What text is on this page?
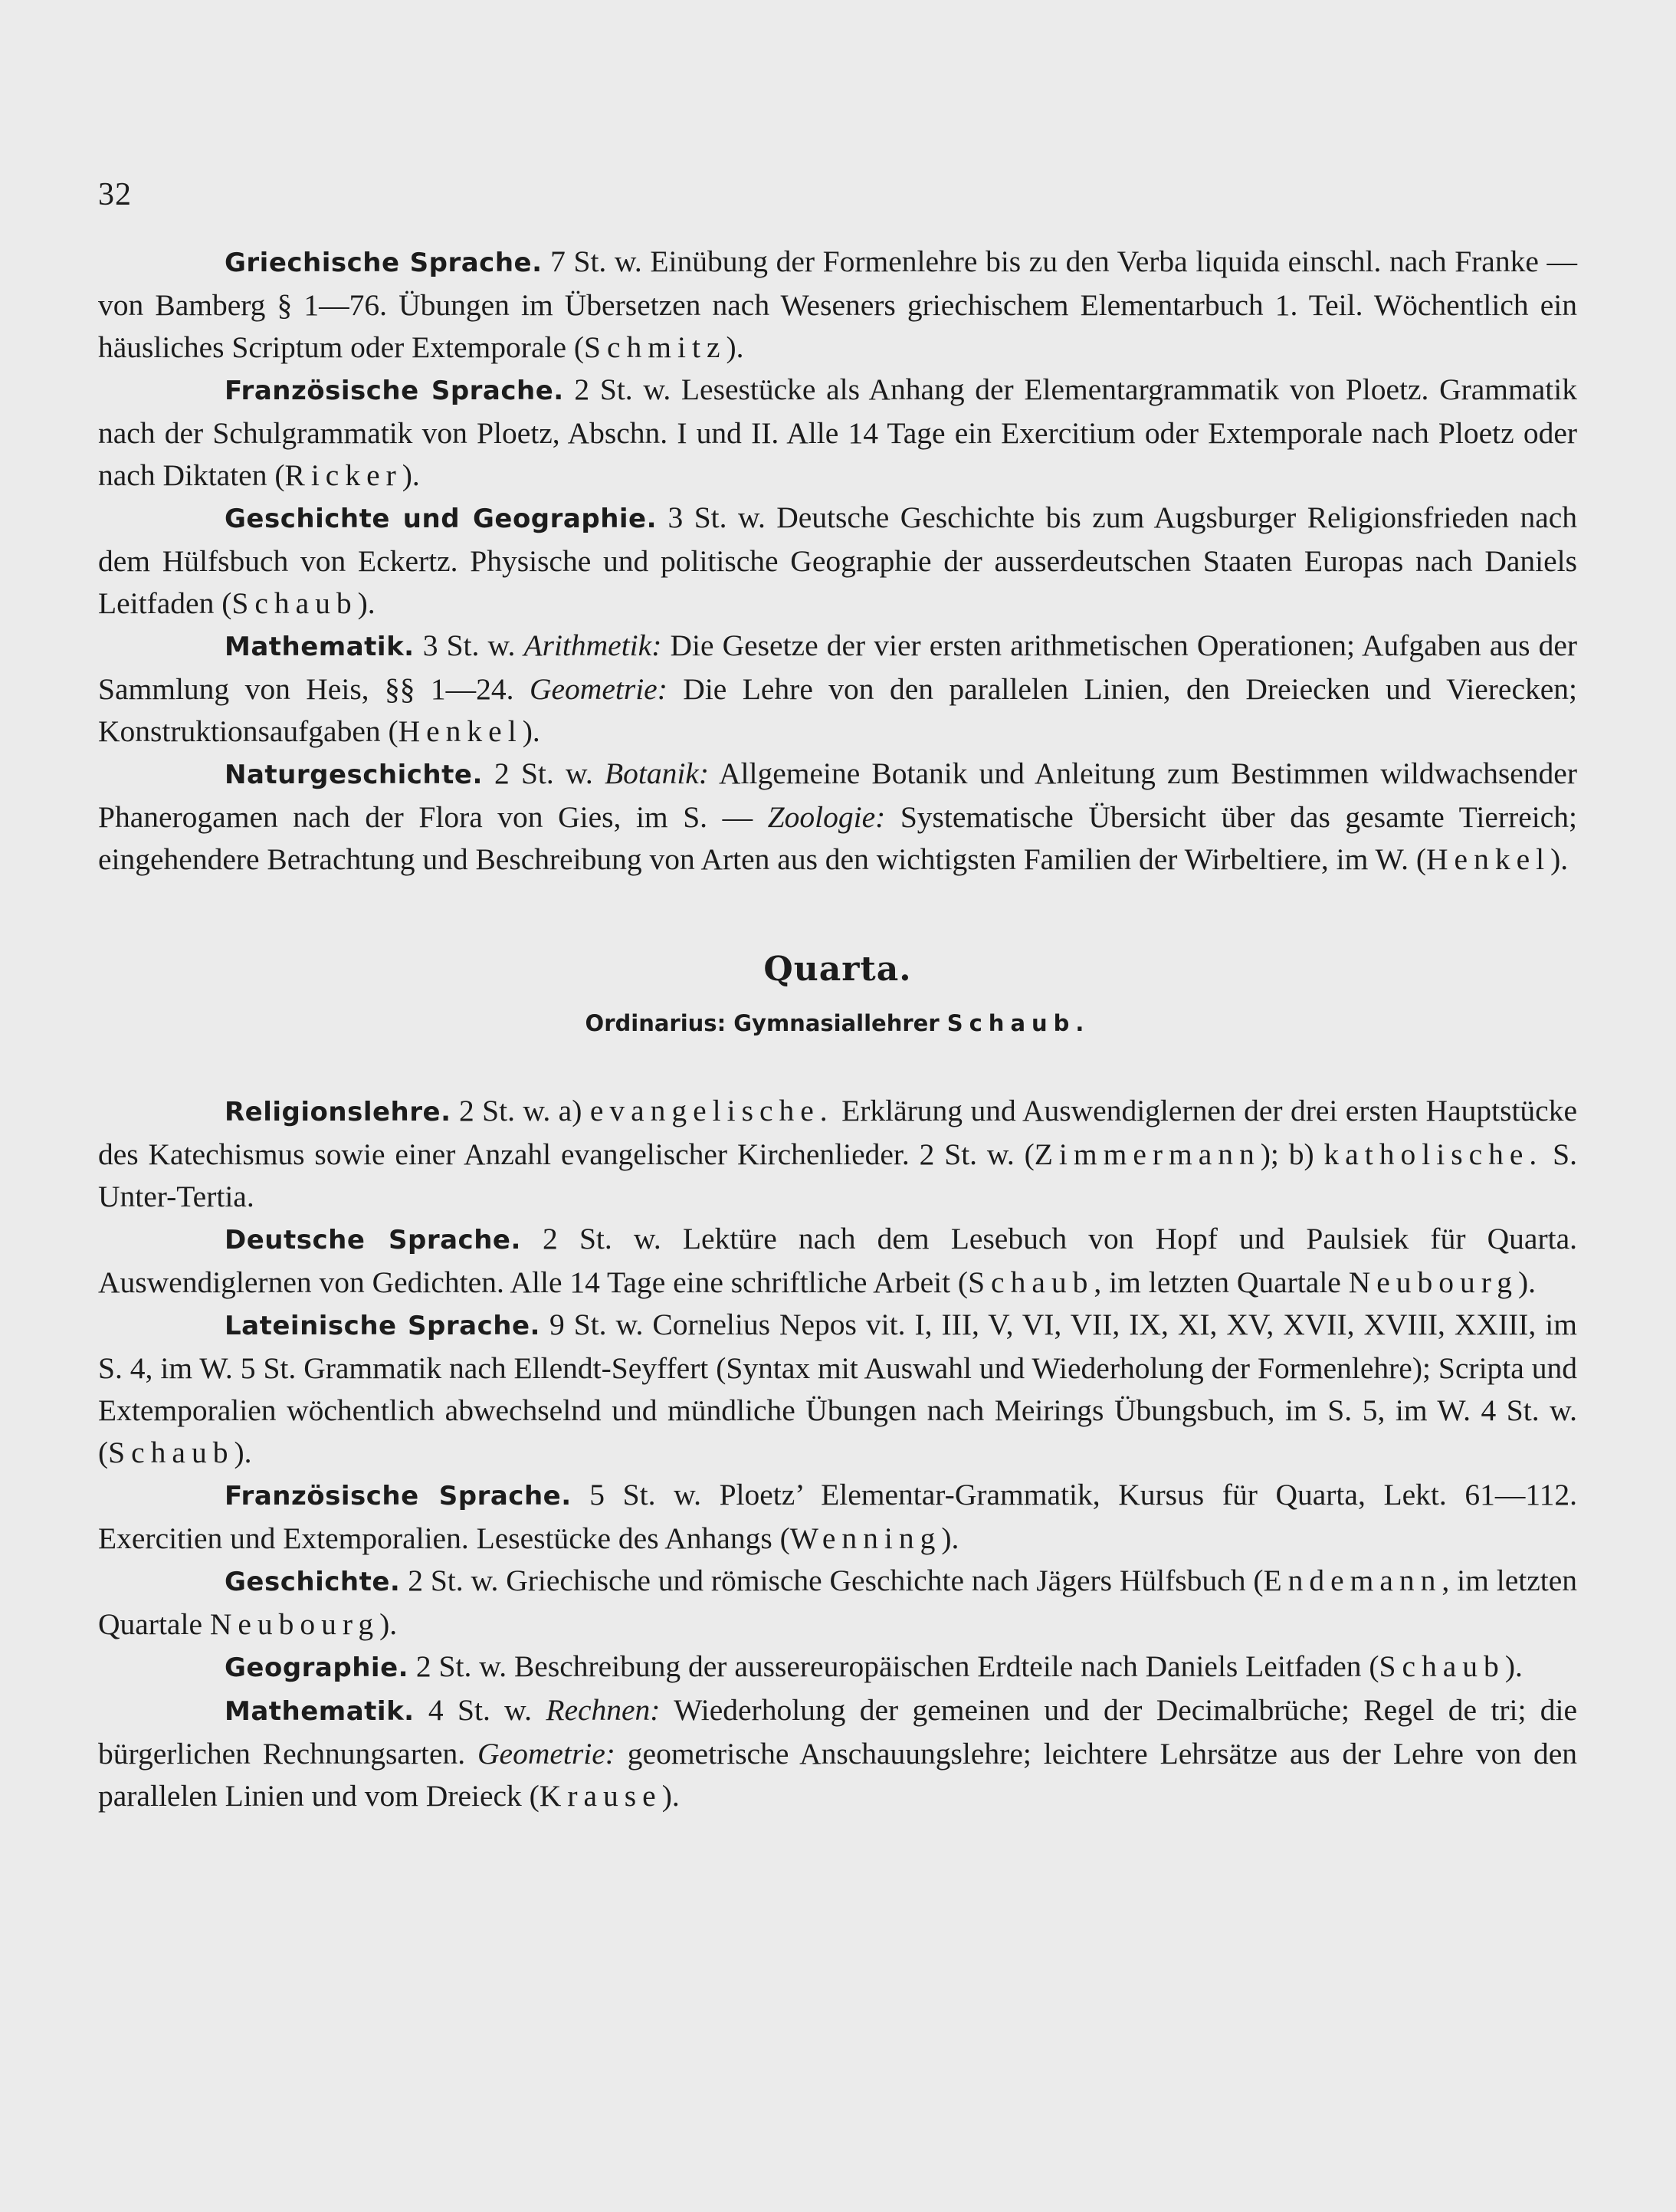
32

Griechische Sprache. 7 St. w. Einübung der Formenlehre bis zu den Verba liquida einschl. nach Franke — von Bamberg § 1—76. Übungen im Übersetzen nach Weseners griechischem Elementarbuch 1. Teil. Wöchentlich ein häusliches Scriptum oder Extemporale (Schmitz).

Französische Sprache. 2 St. w. Lesestücke als Anhang der Elementargrammatik von Ploetz. Grammatik nach der Schulgrammatik von Ploetz, Abschn. I und II. Alle 14 Tage ein Exercitium oder Extemporale nach Ploetz oder nach Diktaten (Ricker).

Geschichte und Geographie. 3 St. w. Deutsche Geschichte bis zum Augsburger Religionsfrieden nach dem Hülfsbuch von Eckertz. Physische und politische Geographie der ausserdeutschen Staaten Europas nach Daniels Leitfaden (Schaub).

Mathematik. 3 St. w. Arithmetik: Die Gesetze der vier ersten arithmetischen Operationen; Aufgaben aus der Sammlung von Heis, §§ 1—24. Geometrie: Die Lehre von den parallelen Linien, den Dreiecken und Vierecken; Konstruktionsaufgaben (Henkel).

Naturgeschichte. 2 St. w. Botanik: Allgemeine Botanik und Anleitung zum Bestimmen wildwachsender Phanerogamen nach der Flora von Gies, im S. — Zoologie: Systematische Übersicht über das gesamte Tierreich; eingehendere Betrachtung und Beschreibung von Arten aus den wichtigsten Familien der Wirbeltiere, im W. (Henkel).

Quarta.
Ordinarius: Gymnasiallehrer Schaub.

Religionslehre. 2 St. w. a) evangelische. Erklärung und Auswendiglernen der drei ersten Hauptstücke des Katechismus sowie einer Anzahl evangelischer Kirchenlieder. 2 St. w. (Zimmermann); b) katholische. S. Unter-Tertia.

Deutsche Sprache. 2 St. w. Lektüre nach dem Lesebuch von Hopf und Paulsiek für Quarta. Auswendiglernen von Gedichten. Alle 14 Tage eine schriftliche Arbeit (Schaub, im letzten Quartale Neubourg).

Lateinische Sprache. 9 St. w. Cornelius Nepos vit. I, III, V, VI, VII, IX, XI, XV, XVII, XVIII, XXIII, im S. 4, im W. 5 St. Grammatik nach Ellendt-Seyffert (Syntax mit Auswahl und Wiederholung der Formenlehre); Scripta und Extemporalien wöchentlich abwechselnd und mündliche Übungen nach Meirings Übungsbuch, im S. 5, im W. 4 St. w. (Schaub).

Französische Sprache. 5 St. w. Ploetz’ Elementar-Grammatik, Kursus für Quarta, Lekt. 61—112. Exercitien und Extemporalien. Lesestücke des Anhangs (Wenning).

Geschichte. 2 St. w. Griechische und römische Geschichte nach Jägers Hülfsbuch (Endemann, im letzten Quartale Neubourg).

Geographie. 2 St. w. Beschreibung der aussereuropäischen Erdteile nach Daniels Leitfaden (Schaub).

Mathematik. 4 St. w. Rechnen: Wiederholung der gemeinen und der Decimalbrüche; Regel de tri; die bürgerlichen Rechnungsarten. Geometrie: geometrische Anschauungslehre; leichtere Lehrsätze aus der Lehre von den parallelen Linien und vom Dreieck (Krause).
